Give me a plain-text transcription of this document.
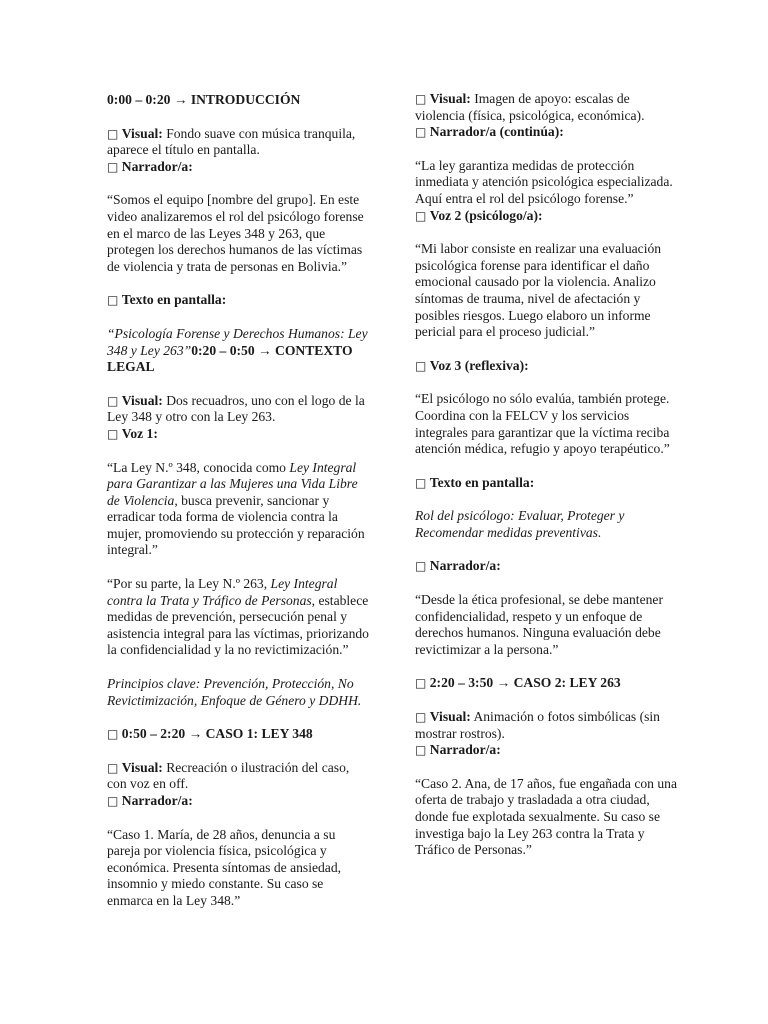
0:00 – 0:20 → INTRODUCCIÓN

□ Visual: Fondo suave con música tranquila, aparece el título en pantalla.

□ Narrador/a:

“Somos el equipo [nombre del grupo]. En este video analizaremos el rol del psicólogo forense en el marco de las Leyes 348 y 263, que protegen los derechos humanos de las víctimas de violencia y trata de personas en Bolivia.”

□ Texto en pantalla:

“Psicología Forense y Derechos Humanos: Ley 348 y Ley 263”0:20 – 0:50 → CONTEXTO LEGAL

□ Visual: Dos recuadros, uno con el logo de la Ley 348 y otro con la Ley 263.

□ Voz 1:

“La Ley N.º 348, conocida como Ley Integral para Garantizar a las Mujeres una Vida Libre de Violencia, busca prevenir, sancionar y erradicar toda forma de violencia contra la mujer, promoviendo su protección y reparación integral.”

“Por su parte, la Ley N.º 263, Ley Integral contra la Trata y Tráfico de Personas, establece medidas de prevención, persecución penal y asistencia integral para las víctimas, priorizando la confidencialidad y la no revictimización.”

Principios clave: Prevención, Protección, No Revictimización, Enfoque de Género y DDHH.

□ 0:50 – 2:20 → CASO 1: LEY 348

□ Visual: Recreación o ilustración del caso, con voz en off.

□ Narrador/a:

“Caso 1. María, de 28 años, denuncia a su pareja por violencia física, psicológica y económica. Presenta síntomas de ansiedad, insomnio y miedo constante. Su caso se enmarca en la Ley 348.”

□ Visual: Imagen de apoyo: escalas de violencia (física, psicológica, económica).

□ Narrador/a (continúa):

“La ley garantiza medidas de protección inmediata y atención psicológica especializada. Aquí entra el rol del psicólogo forense.”

□ Voz 2 (psicólogo/a):

“Mi labor consiste en realizar una evaluación psicológica forense para identificar el daño emocional causado por la violencia. Analizo síntomas de trauma, nivel de afectación y posibles riesgos. Luego elaboro un informe pericial para el proceso judicial.”

□ Voz 3 (reflexiva):

“El psicólogo no sólo evalúa, también protege. Coordina con la FELCV y los servicios integrales para garantizar que la víctima reciba atención médica, refugio y apoyo terapéutico.”

□ Texto en pantalla:

Rol del psicólogo: Evaluar, Proteger y Recomendar medidas preventivas.

□ Narrador/a:

“Desde la ética profesional, se debe mantener confidencialidad, respeto y un enfoque de derechos humanos. Ninguna evaluación debe revictimizar a la persona.”

□ 2:20 – 3:50 → CASO 2: LEY 263

□ Visual: Animación o fotos simbólicas (sin mostrar rostros).

□ Narrador/a:

“Caso 2. Ana, de 17 años, fue engañada con una oferta de trabajo y trasladada a otra ciudad, donde fue explotada sexualmente. Su caso se investiga bajo la Ley 263 contra la Trata y Tráfico de Personas.”
